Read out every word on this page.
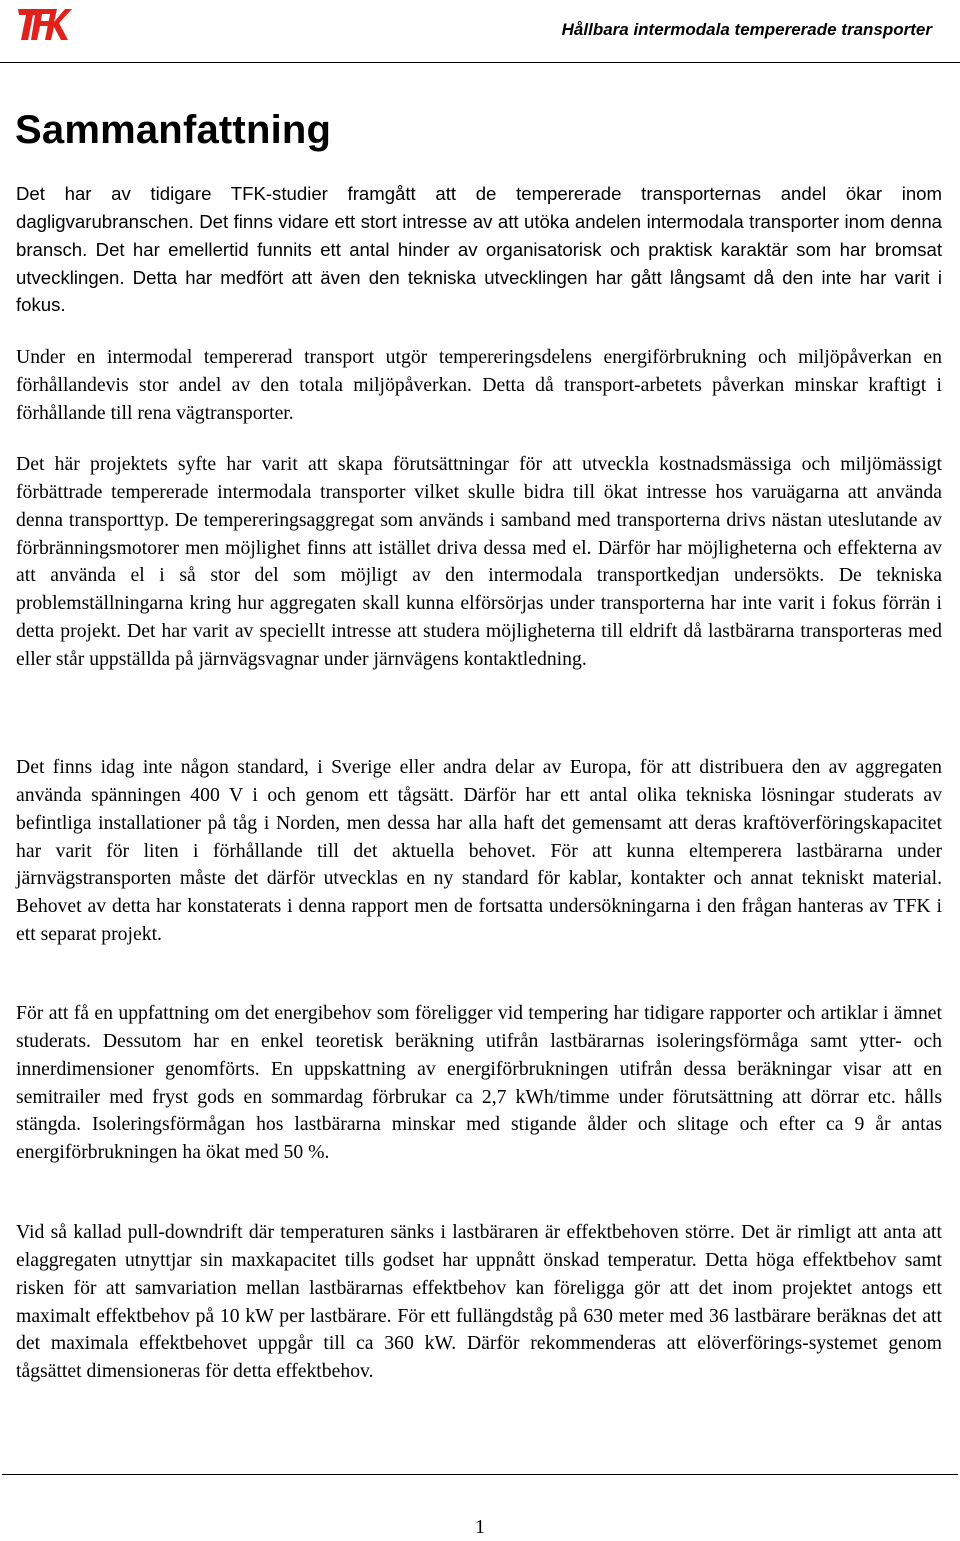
Hållbara intermodala tempererade transporter
Sammanfattning

Det har av tidigare TFK-studier framgått att de tempererade transporternas andel ökar inom dagligvarubranschen. Det finns vidare ett stort intresse av att utöka andelen intermodala transporter inom denna bransch. Det har emellertid funnits ett antal hinder av organisatorisk och praktisk karaktär som har bromsat utvecklingen. Detta har medfört att även den tekniska utvecklingen har gått långsamt då den inte har varit i fokus.

Under en intermodal tempererad transport utgör tempereringsdelens energiförbrukning och miljöpåverkan en förhållandevis stor andel av den totala miljöpåverkan. Detta då transport-arbetets påverkan minskar kraftigt i förhållande till rena vägtransporter.

Det här projektets syfte har varit att skapa förutsättningar för att utveckla kostnadsmässiga och miljömässigt förbättrade tempererade intermodala transporter vilket skulle bidra till ökat intresse hos varuägarna att använda denna transporttyp. De tempereringsaggregat som används i samband med transporterna drivs nästan uteslutande av förbränningsmotorer men möjlighet finns att istället driva dessa med el. Därför har möjligheterna och effekterna av att använda el i så stor del som möjligt av den intermodala transportkedjan undersökts. De tekniska problemställningarna kring hur aggregaten skall kunna elförsörjas under transporterna har inte varit i fokus förrän i detta projekt. Det har varit av speciellt intresse att studera möjligheterna till eldrift då lastbärarna transporteras med eller står uppställda på järnvägsvagnar under järnvägens kontaktledning.

Det finns idag inte någon standard, i Sverige eller andra delar av Europa, för att distribuera den av aggregaten använda spänningen 400 V i och genom ett tågsätt. Därför har ett antal olika tekniska lösningar studerats av befintliga installationer på tåg i Norden, men dessa har alla haft det gemensamt att deras kraftöverföringskapacitet har varit för liten i förhållande till det aktuella behovet. För att kunna eltemperera lastbärarna under järnvägstransporten måste det därför utvecklas en ny standard för kablar, kontakter och annat tekniskt material. Behovet av detta har konstaterats i denna rapport men de fortsatta undersökningarna i den frågan hanteras av TFK i ett separat projekt.

För att få en uppfattning om det energibehov som föreligger vid tempering har tidigare rapporter och artiklar i ämnet studerats. Dessutom har en enkel teoretisk beräkning utifrån lastbärarnas isoleringsförmåga samt ytter- och innerdimensioner genomförts. En uppskattning av energiförbrukningen utifrån dessa beräkningar visar att en semitrailer med fryst gods en sommardag förbrukar ca 2,7 kWh/timme under förutsättning att dörrar etc. hålls stängda. Isoleringsförmågan hos lastbärarna minskar med stigande ålder och slitage och efter ca 9 år antas energiförbrukningen ha ökat med 50 %.

Vid så kallad pull-downdrift där temperaturen sänks i lastbäraren är effektbehoven större. Det är rimligt att anta att elaggregaten utnyttjar sin maxkapacitet tills godset har uppnått önskad temperatur. Detta höga effektbehov samt risken för att samvariation mellan lastbärarnas effektbehov kan föreligga gör att det inom projektet antogs ett maximalt effektbehov på 10 kW per lastbärare. För ett fullängdståg på 630 meter med 36 lastbärare beräknas det att det maximala effektbehovet uppgår till ca 360 kW. Därför rekommenderas att elöverförings-systemet genom tågsättet dimensioneras för detta effektbehov.

1
